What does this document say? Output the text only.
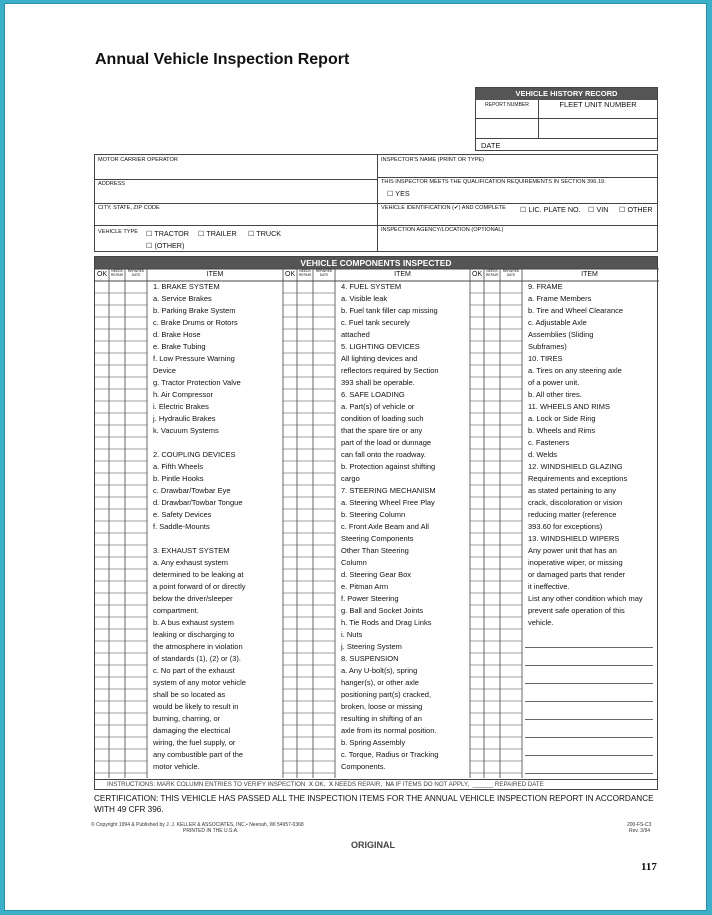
Annual Vehicle Inspection Report
VEHICLE HISTORY RECORD
REPORT NUMBER	FLEET UNIT NUMBER
DATE
MOTOR CARRIER OPERATOR
ADDRESS
CITY, STATE, ZIP CODE
VEHICLE TYPE	☐ TRACTOR	☐ TRAILER	☐ TRUCK
☐ (OTHER)
INSPECTOR'S NAME (PRINT OR TYPE)
THIS INSPECTOR MEETS THE QUALIFICATION REQUIREMENTS IN SECTION 396.19.
☐ YES
VEHICLE IDENTIFICATION (✔) AND COMPLETE	☐ LIC. PLATE NO.	☐ VIN	☐ OTHER
INSPECTION AGENCY/LOCATION (OPTIONAL)
VEHICLE COMPONENTS INSPECTED
INSTRUCTIONS: MARK COLUMN ENTRIES TO VERIFY INSPECTION X OK, X NEEDS REPAIR, NA IF ITEMS DO NOT APPLY,  ______ REPAIRED DATE
OK	NEEDS REPAIR
REPAIRED DATE	ITEM
1. BRAKE SYSTEM
a. Service Brakes
b. Parking Brake System
c. Brake Drums or Rotors
d. Brake Hose
e. Brake Tubing
f. Low Pressure Warning
Device
g. Tractor Protection Valve
h. Air Compressor
i. Electric Brakes
j. Hydraulic Brakes
k. Vacuum Systems
2. COUPLING DEVICES
a. Fifth Wheels
b. Pintle Hooks
c. Drawbar/Towbar Eye
d. Drawbar/Towbar Tongue
e. Safety Devices
f. Saddle-Mounts
3. EXHAUST SYSTEM
a. Any exhaust system
determined to be leaking at
a point forward of or directly
below the driver/sleeper
compartment.
b. A bus exhaust system
leaking or discharging to
the atmosphere in violation
of standards (1), (2) or (3).
c. No part of the exhaust
system of any motor vehicle
shall be so located as
would be likely to result in
burning, charring, or
damaging the electrical
wiring, the fuel supply, or
any combustible part of the
motor vehicle.
OK	NEEDS REPAIR
REPAIRED DATE	ITEM
4. FUEL SYSTEM
a. Visible leak
b. Fuel tank filler cap missing
c. Fuel tank securely
attached
5. LIGHTING DEVICES
All lighting devices and
reflectors required by Section
393 shall be operable.
6. SAFE LOADING
a. Part(s) of vehicle or
condition of loading such
that the spare tire or any
part of the load or dunnage
can fall onto the roadway.
b. Protection against shifting
cargo
7. STEERING MECHANISM
a. Steering Wheel Free Play
b. Steering Column
c. Front Axle Beam and All
Steering Components
Other Than Steering
Column
d. Steering Gear Box
e. Pitman Arm
f. Power Steering
g. Ball and Socket Joints
h. Tie Rods and Drag Links
i. Nuts
j. Steering System
8. SUSPENSION
a. Any U-bolt(s), spring
hanger(s), or other axle
positioning part(s) cracked,
broken, loose or missing
resulting in shifting of an
axle from its normal position.
b. Spring Assembly
c. Torque, Radius or Tracking
Components.
OK	NEEDS REPAIR
REPAIRED DATE	ITEM
9. FRAME
a. Frame Members
b. Tire and Wheel Clearance
c. Adjustable Axle
Assemblies (Sliding
Subframes)
10. TIRES
a. Tires on any steering axle
of a power unit.
b. All other tires.
11. WHEELS AND RIMS
a. Lock or Side Ring
b. Wheels and Rims
c. Fasteners
d. Welds
12. WINDSHIELD GLAZING
Requirements and exceptions
as stated pertaining to any
crack, discoloration or vision
reducing matter (reference
393.60 for exceptions)
13. WINDSHIELD WIPERS
Any power unit that has an
inoperative wiper, or missing
or damaged parts that render
it ineffective.
List any other condition which may
prevent safe operation of this
vehicle.
CERTIFICATION: THIS VEHICLE HAS PASSED ALL THE INSPECTION ITEMS FOR THE ANNUAL VEHICLE INSPECTION REPORT IN ACCORDANCE WITH 49 CFR 396.
© Copyright 1994 & Published by J. J. KELLER & ASSOCIATES, INC.• Neenah, WI 54957-0368
PRINTED IN THE U.S.A.
200-FS-C3
Rev. 3/94
ORIGINAL
117
